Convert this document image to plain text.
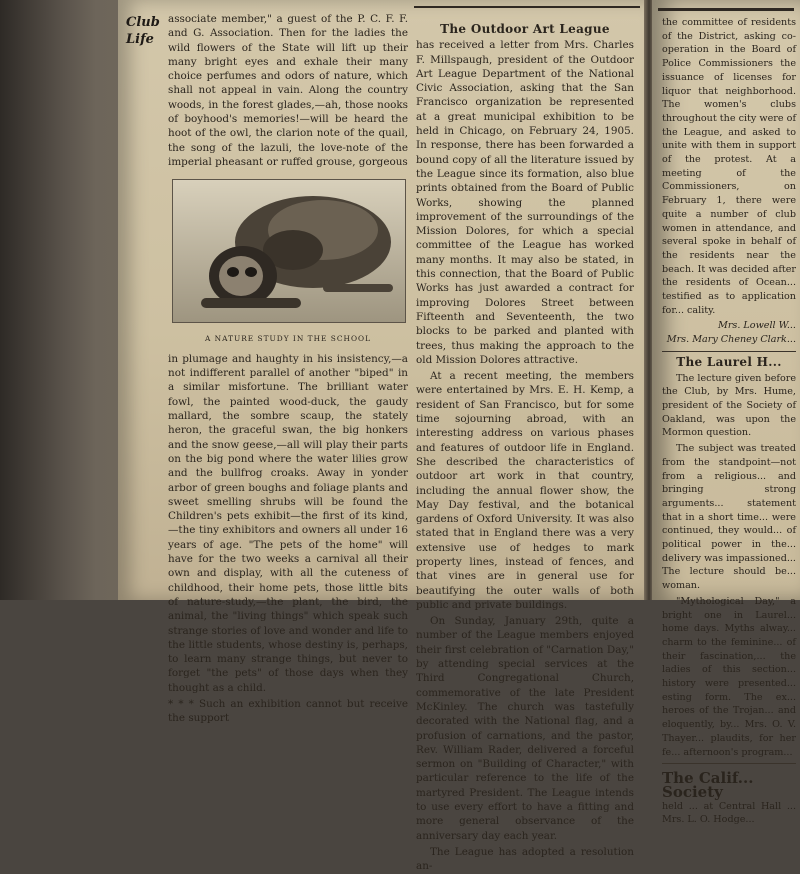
Club Life

associate member," a guest of the P. C. F. F. and G. Association. Then for the ladies the wild flowers of the State will lift up their many bright eyes and exhale their many choice perfumes and odors of nature, which shall not appeal in vain. Along the country woods, in the forest glades,—ah, those nooks of boyhood's memories!—will be heard the hoot of the owl, the clarion note of the quail, the song of the lazuli, the love-note of the imperial pheasant or ruffed grouse, gorgeous

A NATURE STUDY IN THE SCHOOL

in plumage and haughty in his insistency,—a not indifferent parallel of another "biped" in a similar misfortune. The brilliant water fowl, the painted wood-duck, the gaudy mallard, the sombre scaup, the stately heron, the graceful swan, the big honkers and the snow geese,—all will play their parts on the big pond where the water lilies grow and the bullfrog croaks. Away in yonder arbor of green boughs and foliage plants and sweet smelling shrubs will be found the Children's pets exhibit—the first of its kind,—the tiny exhibitors and owners all under 16 years of age. "The pets of the home" will have for the two weeks a carnival all their own and display, with all the cuteness of childhood, their home pets, those little bits of nature-study,—the plant, the bird, the animal, the "living things" which speak such strange stories of love and wonder and life to the little students, whose destiny is, perhaps, to learn many strange things, but never to forget "the pets" of those days when they thought as a child.

* * * Such an exhibition cannot but receive the support

The Outdoor Art League

has received a letter from Mrs. Charles F. Millspaugh, president of the Outdoor Art League Department of the National Civic Association, asking that the San Francisco organization be represented at a great municipal exhibition to be held in Chicago, on February 24, 1905. In response, there has been forwarded a bound copy of all the literature issued by the League since its formation, also blue prints obtained from the Board of Public Works, showing the planned improvement of the surroundings of the Mission Dolores, for which a special committee of the League has worked many months. It may also be stated, in this connection, that the Board of Public Works has just awarded a contract for improving Dolores Street between Fifteenth and Seventeenth, the two blocks to be parked and planted with trees, thus making the approach to the old Mission Dolores attractive.

At a recent meeting, the members were entertained by Mrs. E. H. Kemp, a resident of San Francisco, but for some time sojourning abroad, with an interesting address on various phases and features of outdoor life in England. She described the characteristics of outdoor art work in that country, including the annual flower show, the May Day festival, and the botanical gardens of Oxford University. It was also stated that in England there was a very extensive use of hedges to mark property lines, instead of fences, and that vines are in general use for beautifying the outer walls of both public and private buildings.

On Sunday, January 29th, quite a number of the League members enjoyed their first celebration of "Carnation Day," by attending special services at the Third Congregational Church, commemorative of the late President McKinley. The church was tastefully decorated with the National flag, and a profusion of carnations, and the pastor, Rev. William Rader, delivered a forceful sermon on "Building of Character," with particular reference to the life of the martyred President. The League intends to use every effort to have a fitting and more general observance of the anniversary day each year.

The League has adopted a resolution an-

the committee of residents of the District, asking co-operation in the Board of Police Commissioners the issuance of licenses for liquor that neighborhood. The women's clubs throughout the city were of the League, and asked to unite with them in support of the protest. At a meeting of the Commissioners, on February 1, there were quite a number of club women in attendance, and several spoke in behalf of the residents near the beach. It was decided after the residents of Ocean... testified as to application for... cality.

Mrs. Lowell W...

Mrs. Mary Cheney Clark...

The Laurel H...

The lecture given before the Club, by Mrs. Hume, president of the Society of Oakland, was upon the Mormon question.

The subject was treated from the standpoint—not from a religious... and bringing strong arguments... statement that in a short time... were continued, they would... of political power in the... delivery was impassioned... The lecture should be... woman.

"Mythological Day," a bright one in Laurel... home days. Myths alway... charm to the feminine... of their fascination,... the ladies of this section... history were presented... esting form. The ex... heroes of the Trojan... and eloquently, by... Mrs. O. V. Thayer... plaudits, for her fe... afternoon's program...

The Calif... Society

held ... at Central Hall ... Mrs. L. O. Hodge...
